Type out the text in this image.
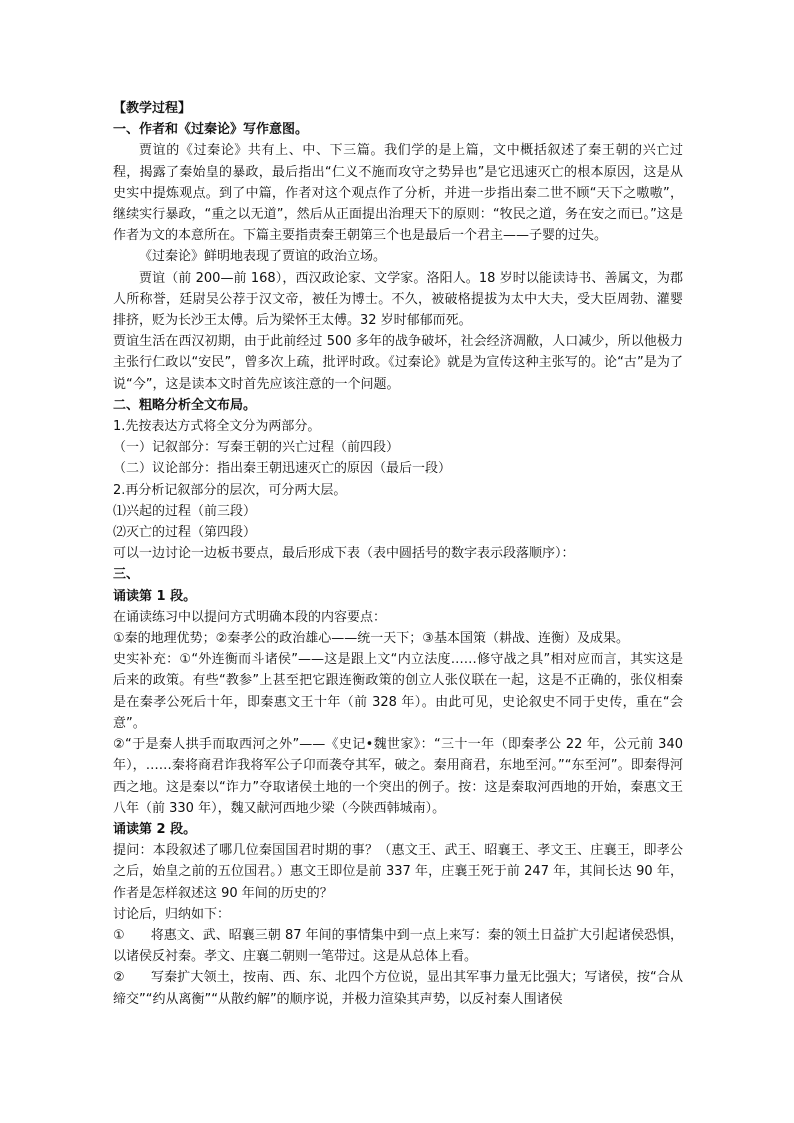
【教学过程】

一、作者和《过秦论》写作意图。

贾谊的《过秦论》共有上、中、下三篇。我们学的是上篇，文中概括叙述了秦王朝的兴亡过程，揭露了秦始皇的暴政，最后指出“仁义不施而攻守之势异也”是它迅速灭亡的根本原因，这是从史实中提炼观点。到了中篇，作者对这个观点作了分析，并进一步指出秦二世不顾“天下之嗷嗷”，继续实行暴政，“重之以无道”，然后从正面提出治理天下的原则：“牧民之道，务在安之而已。”这是作者为文的本意所在。下篇主要指责秦王朝第三个也是最后一个君主——子婴的过失。

《过秦论》鲜明地表现了贾谊的政治立场。

贾谊（前 200—前 168），西汉政论家、文学家。洛阳人。18 岁时以能读诗书、善属文，为郡人所称誉，廷尉吴公荐于汉文帝，被任为博士。不久，被破格提拔为太中大夫，受大臣周勃、灌婴排挤，贬为长沙王太傅。后为梁怀王太傅。32 岁时郁郁而死。

贾谊生活在西汉初期，由于此前经过 500 多年的战争破坏，社会经济凋敝，人口减少，所以他极力主张行仁政以“安民”，曾多次上疏，批评时政。《过秦论》就是为宣传这种主张写的。论“古”是为了说“今”，这是读本文时首先应该注意的一个问题。

二、粗略分析全文布局。

1.先按表达方式将全文分为两部分。

（一）记叙部分：写秦王朝的兴亡过程（前四段）

（二）议论部分：指出秦王朝迅速灭亡的原因（最后一段）

2.再分析记叙部分的层次，可分两大层。

⑴兴起的过程（前三段）

⑵灭亡的过程（第四段）

可以一边讨论一边板书要点，最后形成下表（表中圆括号的数字表示段落顺序）：

三、

诵读第 1 段。

在诵读练习中以提问方式明确本段的内容要点：

①秦的地理优势；②秦孝公的政治雄心——统一天下；③基本国策（耕战、连衡）及成果。

史实补充：①“外连衡而斗诸侯”——这是跟上文“内立法度……修守战之具”相对应而言，其实这是后来的政策。有些“教参”上甚至把它跟连衡政策的创立人张仪联在一起，这是不正确的，张仪相秦是在秦孝公死后十年，即秦惠文王十年（前 328 年）。由此可见，史论叙史不同于史传，重在“会意”。

②“于是秦人拱手而取西河之外”——《史记•魏世家》：“三十一年（即秦孝公 22 年，公元前 340 年），……秦将商君诈我将军公子卬而袭夺其军，破之。秦用商君，东地至河。”“东至河”。即秦得河西之地。这是秦以“诈力”夺取诸侯土地的一个突出的例子。按：这是秦取河西地的开始，秦惠文王八年（前 330 年），魏又献河西地少梁（今陕西韩城南）。

诵读第 2 段。

提问：本段叙述了哪几位秦国国君时期的事？（惠文王、武王、昭襄王、孝文王、庄襄王，即孝公之后，始皇之前的五位国君。）惠文王即位是前 337 年，庄襄王死于前 247 年，其间长达 90 年，作者是怎样叙述这 90 年间的历史的？

讨论后，归纳如下：

①　　将惠文、武、昭襄三朝 87 年间的事情集中到一点上来写：秦的领土日益扩大引起诸侯恐惧，以诸侯反衬秦。孝文、庄襄二朝则一笔带过。这是从总体上看。

②　　写秦扩大领土，按南、西、东、北四个方位说，显出其军事力量无比强大；写诸侯，按“合从缔交”“约从离衡”“从散约解”的顺序说，并极力渲染其声势，以反衬秦人围诸侯
